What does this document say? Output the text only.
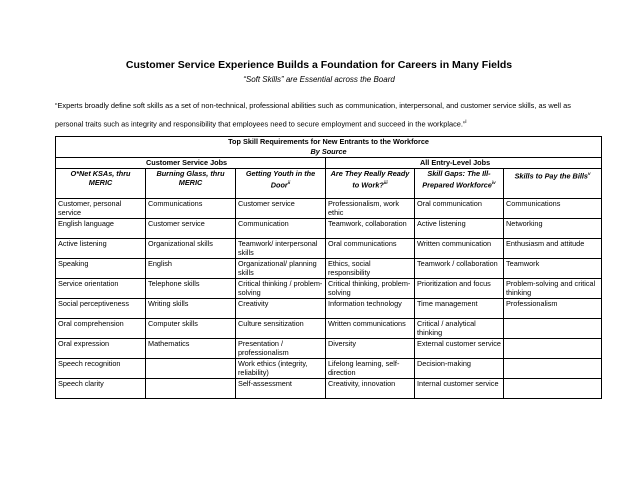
Customer Service Experience Builds a Foundation for Careers in Many Fields
“Soft Skills” are Essential across the Board
“Experts broadly define soft skills as a set of non-technical, professional abilities such as communication, interpersonal, and customer service skills, as well as personal traits such as integrity and responsibility that employees need to secure employment and succeed in the workplace.”$^i$
Top Skill Requirements for New Entrants to the Workforce
By Source					

Customer Service Jobs			All Entry-Level Jobs		
O*Net KSAs, thru MERIC	Burning Glass, thru MERIC	Getting Youth in the Door$^{ii}$	Are They Really Ready to Work?$^{iii}$	Skill Gaps: The Ill-Prepared Workforce$^{iv}$	Skills to Pay the Bills$^v$
Customer, personal service	Communications	Customer service	Professionalism, work ethic	Oral communication	Communications
English language	Customer service	Communication	Teamwork, collaboration	Active listening	Networking
Active listening	Organizational skills	Teamwork/ interpersonal skills	Oral communications	Written communication	Enthusiasm and attitude
Speaking	English	Organizational/ planning skills	Ethics, social responsibility	Teamwork / collaboration	Teamwork
Service orientation	Telephone skills	Critical thinking / problem-solving	Critical thinking, problem-solving	Prioritization and focus	Problem-solving and critical thinking
Social perceptiveness	Writing skills	Creativity	Information technology	Time management	Professionalism
Oral comprehension	Computer skills	Culture sensitization	Written communications	Critical / analytical thinking	
Oral expression	Mathematics	Presentation / professionalism	Diversity	External customer service	
Speech recognition		Work ethics (integrity, reliability)	Lifelong learning, self-direction	Decision-making	
Speech clarity		Self-assessment	Creativity, innovation	Internal customer service	
